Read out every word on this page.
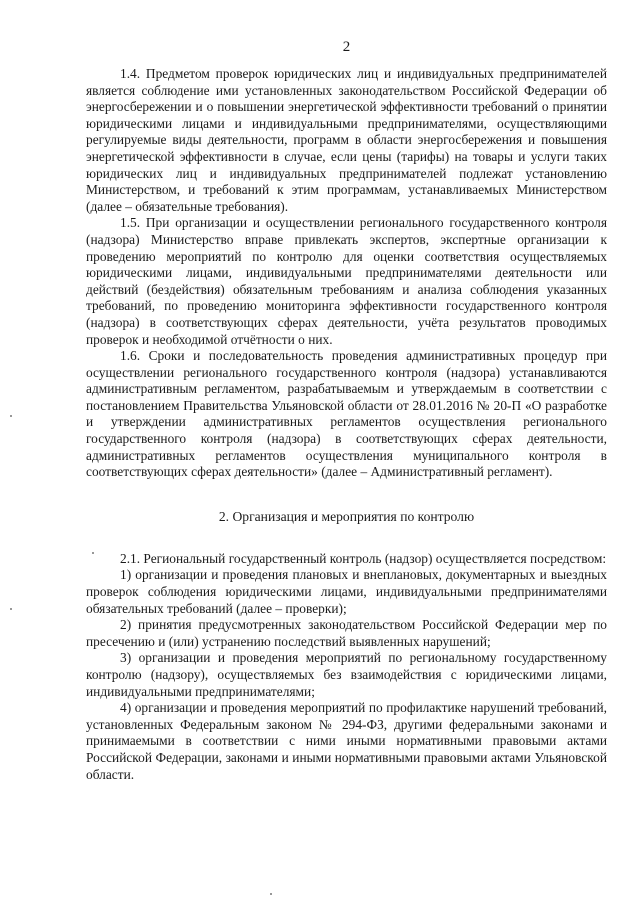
2

1.4. Предметом проверок юридических лиц и индивидуальных предпринимателей является соблюдение ими установленных законодательством Российской Федерации об энергосбережении и о повышении энергетической эффективности требований о принятии юридическими лицами и индивидуальными предпринимателями, осуществляющими регулируемые виды деятельности, программ в области энергосбережения и повышения энергетической эффективности в случае, если цены (тарифы) на товары и услуги таких юридических лиц и индивидуальных предпринимателей подлежат установлению Министерством, и требований к этим программам, устанавливаемых Министерством (далее – обязательные требования).

1.5. При организации и осуществлении регионального государственного контроля (надзора) Министерство вправе привлекать экспертов, экспертные организации к проведению мероприятий по контролю для оценки соответствия осуществляемых юридическими лицами, индивидуальными предпринимателями деятельности или действий (бездействия) обязательным требованиям и анализа соблюдения указанных требований, по проведению мониторинга эффективности государственного контроля (надзора) в соответствующих сферах деятельности, учёта результатов проводимых проверок и необходимой отчётности о них.

1.6. Сроки и последовательность проведения административных процедур при осуществлении регионального государственного контроля (надзора) устанавливаются административным регламентом, разрабатываемым и утверждаемым в соответствии с постановлением Правительства Ульяновской области от 28.01.2016 № 20-П «О разработке и утверждении административных регламентов осуществления регионального государственного контроля (надзора) в соответствующих сферах деятельности, административных регламентов осуществления муниципального контроля в соответствующих сферах деятельности» (далее – Административный регламент).

2. Организация и мероприятия по контролю

2.1. Региональный государственный контроль (надзор) осуществляется посредством:

1) организации и проведения плановых и внеплановых, документарных и выездных проверок соблюдения юридическими лицами, индивидуальными предпринимателями обязательных требований (далее – проверки);

2) принятия предусмотренных законодательством Российской Федерации мер по пресечению и (или) устранению последствий выявленных нарушений;

3) организации и проведения мероприятий по региональному государственному контролю (надзору), осуществляемых без взаимодействия с юридическими лицами, индивидуальными предпринимателями;

4) организации и проведения мероприятий по профилактике нарушений требований, установленных Федеральным законом № 294-ФЗ, другими федеральными законами и принимаемыми в соответствии с ними иными нормативными правовыми актами Российской Федерации, законами и иными нормативными правовыми актами Ульяновской области.
